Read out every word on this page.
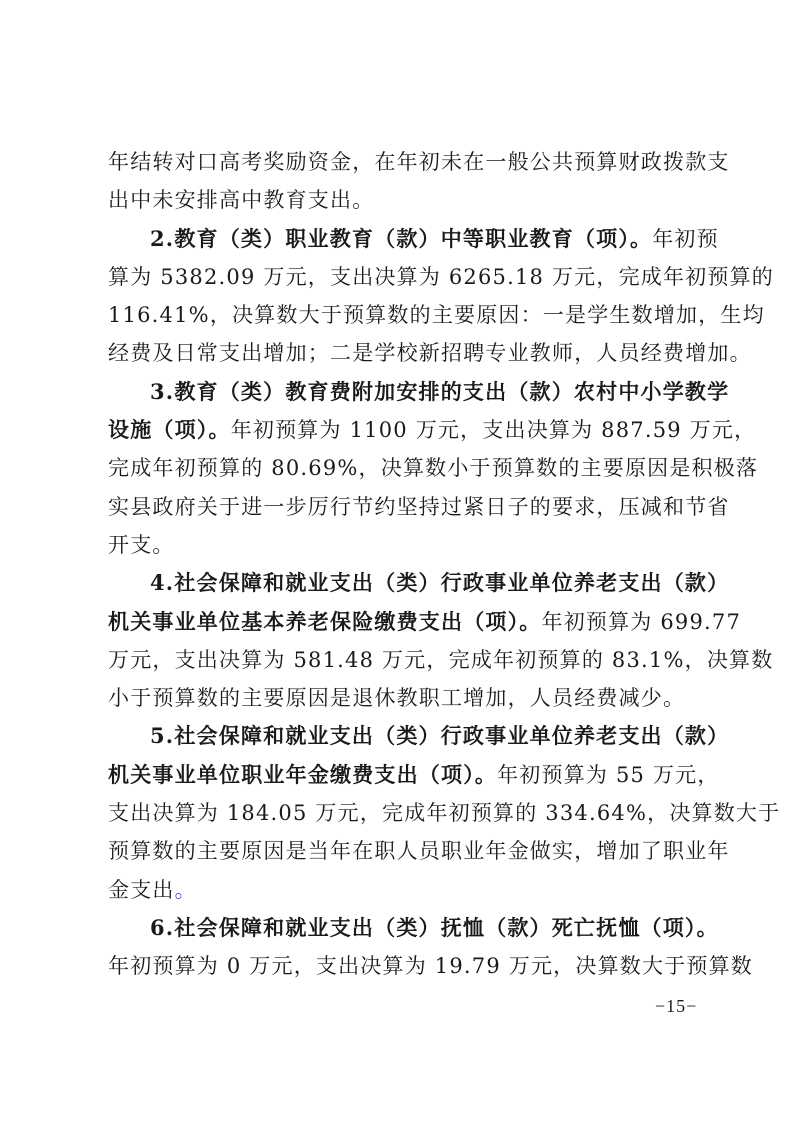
年结转对口高考奖励资金，在年初未在一般公共预算财政拨款支
出中未安排高中教育支出。
2.教育（类）职业教育（款）中等职业教育（项）。年初预
算为 5382.09 万元，支出决算为 6265.18 万元，完成年初预算的
116.41%，决算数大于预算数的主要原因：一是学生数增加，生均
经费及日常支出增加；二是学校新招聘专业教师，人员经费增加。
3.教育（类）教育费附加安排的支出（款）农村中小学教学
设施（项）。年初预算为 1100 万元，支出决算为 887.59 万元，
完成年初预算的 80.69%，决算数小于预算数的主要原因是积极落
实县政府关于进一步厉行节约坚持过紧日子的要求，压减和节省
开支。
4.社会保障和就业支出（类）行政事业单位养老支出（款）
机关事业单位基本养老保险缴费支出（项）。年初预算为 699.77
万元，支出决算为 581.48 万元，完成年初预算的 83.1%，决算数
小于预算数的主要原因是退休教职工增加，人员经费减少。
5.社会保障和就业支出（类）行政事业单位养老支出（款）
机关事业单位职业年金缴费支出（项）。年初预算为 55 万元，
支出决算为 184.05 万元，完成年初预算的 334.64%，决算数大于
预算数的主要原因是当年在职人员职业年金做实，增加了职业年
金支出。
6.社会保障和就业支出（类）抚恤（款）死亡抚恤（项）。
年初预算为 0 万元，支出决算为 19.79 万元，决算数大于预算数
−15−
